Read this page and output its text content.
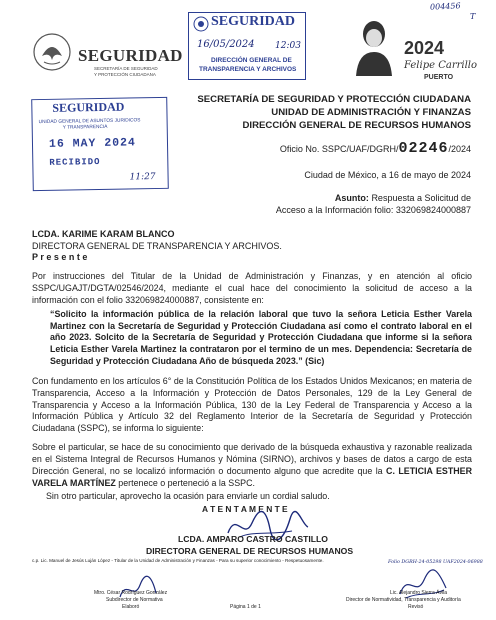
004456
T
SEGURIDAD
SECRETARÍA DE SEGURIDAD
Y PROTECCIÓN CIUDADANA
SEGURIDAD
16/05/2024 12:03
DIRECCIÓN GENERAL DE
TRANSPARENCIA Y ARCHIVOS
2024
Felipe Carrillo
PUERTO
SECRETARÍA DE SEGURIDAD Y PROTECCIÓN CIUDADANA
UNIDAD DE ADMINISTRACIÓN Y FINANZAS
DIRECCIÓN GENERAL DE RECURSOS HUMANOS
SEGURIDAD
UNIDAD GENERAL DE ASUNTOS JURIDICOS
Y TRANSPARENCIA
16 MAY 2024
RECIBIDO
11:27
Oficio No. SSPC/UAF/DGRH/02246/2024
Ciudad de México, a 16 de mayo de 2024
Asunto: Respuesta a Solicitud de
Acceso a la Información folio: 332069824000887
LCDA. KARIME KARAM BLANCO
DIRECTORA GENERAL DE TRANSPARENCIA Y ARCHIVOS.
P r e s e n t e
Por instrucciones del Titular de la Unidad de Administración y Finanzas, y en atención al oficio SSPC/UGAJT/DGTA/02546/2024, mediante el cual hace del conocimiento la solicitud de acceso a la información con el folio 332069824000887, consistente en:
“Solicito la información pública de la relación laboral que tuvo la señora Leticia Esther Varela Martinez con la Secretaría de Seguridad y Protección Ciudadana así como el contrato laboral en el año 2023. Solcito de la Secretaría de Seguridad y Protección Ciudadana que informe si la señora Leticia Esther Varela Martinez la contrataron por el termino de un mes. Dependencia: Secretaría de Seguridad y Protección Ciudadana Año de búsqueda 2023.” (Sic)
Con fundamento en los artículos 6° de la Constitución Política de los Estados Unidos Mexicanos; en materia de Transparencia, Acceso a la Información y Protección de Datos Personales, 129 de la Ley General de Transparencia y Acceso a la Información Pública, 130 de la Ley Federal de Transparencia y Acceso a la Información Pública y Artículo 32 del Reglamento Interior de la Secretaría de Seguridad y Protección Ciudadana (SSPC), se informa lo siguiente:
Sobre el particular, se hace de su conocimiento que derivado de la búsqueda exhaustiva y razonable realizada en el Sistema Integral de Recursos Humanos y Nómina (SIRNO), archivos y bases de datos a cargo de esta Dirección General, no se localizó información o documento alguno que acredite que la C. LETICIA ESTHER VARELA MARTÍNEZ pertenece o perteneció a la SSPC.
Sin otro particular, aprovecho la ocasión para enviarle un cordial saludo.
A T E N T A M E N T E
LCDA. AMPARO CASTRO CASTILLO
DIRECTORA GENERAL DE RECURSOS HUMANOS
c.p. Lic. Manuel de Jesús Luján López - Titular de la Unidad de Administración y Finanzas - Para su superior conocimiento - Respetuosamente.	Folio DGRH-24-05298 UAF2024-06988
Mtro. César Rodríguez González
Subdirector de Normativa
Elaboró	Página 1 de 1
Lic. Alejandro Sierra Ávila
Director de Normatividad, Transparencia y Auditoría
Revisó
